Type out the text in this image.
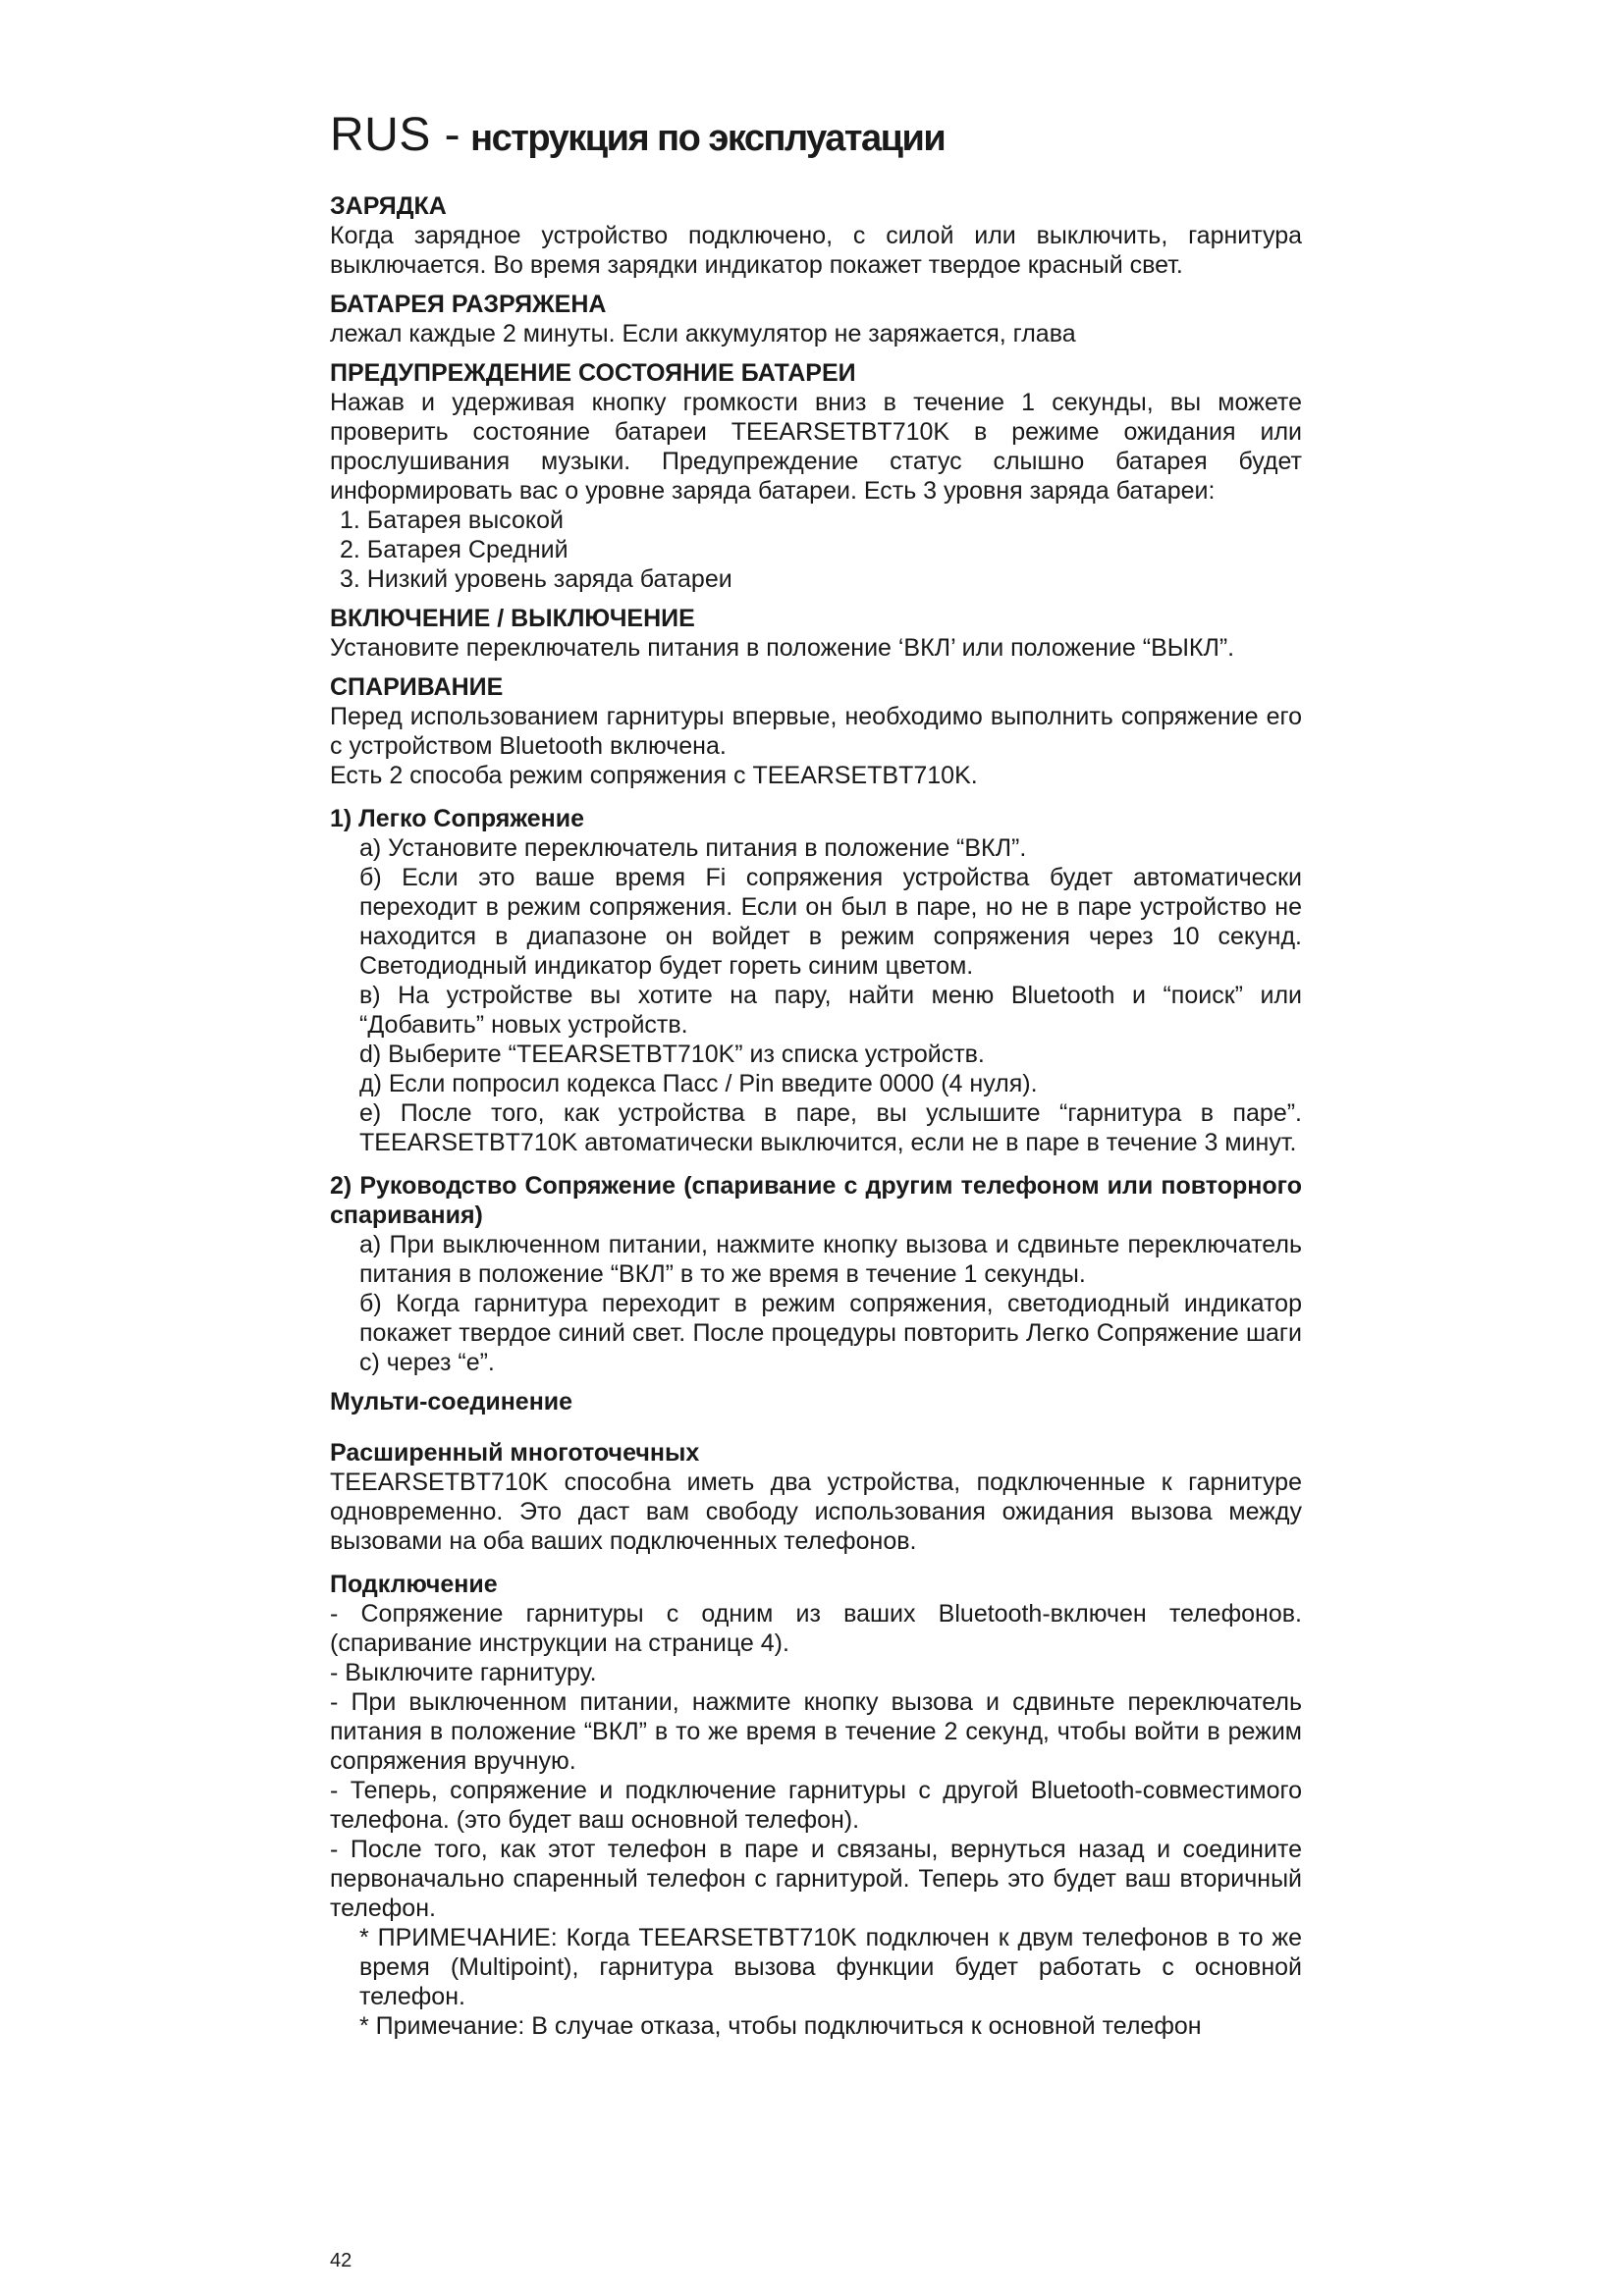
RUS - нструкция по эксплуатации
ЗАРЯДКА

Когда зарядное устройство подключено, с силой или выключить, гарнитура выключается. Во время зарядки индикатор покажет твердое красный свет.

БАТАРЕЯ РАЗРЯЖЕНА

лежал каждые 2 минуты. Если аккумулятор не заряжается, глава

ПРЕДУПРЕЖДЕНИЕ СОСТОЯНИЕ БАТАРЕИ

Нажав и удерживая кнопку громкости вниз в течение 1 секунды, вы можете проверить состояние батареи TEEARSETBT710K в режиме ожидания или прослушивания музыки. Предупреждение статус слышно батарея будет информировать вас о уровне заряда батареи. Есть 3 уровня заряда батареи:

1. Батарея высокой

2. Батарея Средний

3. Низкий уровень заряда батареи

ВКЛЮЧЕНИЕ / ВЫКЛЮЧЕНИЕ

Установите переключатель питания в положение ‘ВКЛ’ или положение “ВЫКЛ”.

СПАРИВАНИЕ

Перед использованием гарнитуры впервые, необходимо выполнить сопряжение его с устройством Bluetooth включена.

Есть 2 способа режим сопряжения с TEEARSETBT710K.

1) Легко Сопряжение

а) Установите переключатель питания в положение “ВКЛ”.

б) Если это ваше время Fi сопряжения устройства будет автоматически переходит в режим сопряжения. Если он был в паре, но не в паре устройство не находится в диапазоне он войдет в режим сопряжения через 10 секунд. Светодиодный индикатор будет гореть синим цветом.

в) На устройстве вы хотите на пару, найти меню Bluetooth и “поиск” или “Добавить” новых устройств.

d) Выберите “TEEARSETBT710K” из списка устройств.

д) Если попросил кодекса Пасс / Pin введите 0000 (4 нуля).

е) После того, как устройства в паре, вы услышите “гарнитура в паре”. TEEARSETBT710K автоматически выключится, если не в паре в течение 3 минут.

2) Руководство Сопряжение (спаривание с другим телефоном или повторного спаривания)

а) При выключенном питании, нажмите кнопку вызова и сдвиньте переключатель питания в положение “ВКЛ” в то же время в течение 1 секунды.

б) Когда гарнитура переходит в режим сопряжения, светодиодный индикатор покажет твердое синий свет. После процедуры повторить Легко Сопряжение шаги с) через “е”.

Мульти-соединение
Расширенный многоточечных

TEEARSETBT710K способна иметь два устройства, подключенные к гарнитуре одновременно. Это даст вам свободу использования ожидания вызова между вызовами на оба ваших подключенных телефонов.

Подключение

- Сопряжение гарнитуры с одним из ваших Bluetooth-включен телефонов. (спаривание инструкции на странице 4).

- Выключите гарнитуру.

- При выключенном питании, нажмите кнопку вызова и сдвиньте переключатель питания в положение “ВКЛ” в то же время в течение 2 секунд, чтобы войти в режим сопряжения вручную.

- Теперь, сопряжение и подключение гарнитуры с другой Bluetooth-совместимого телефона. (это будет ваш основной телефон).

- После того, как этот телефон в паре и связаны, вернуться назад и соедините первоначально спаренный телефон с гарнитурой. Теперь это будет ваш вторичный телефон.

* ПРИМЕЧАНИЕ: Когда TEEARSETBT710K подключен к двум телефонов в то же время (Multipoint), гарнитура вызова функции будет работать с основной телефон.

* Примечание: В случае отказа, чтобы подключиться к основной телефон

42
